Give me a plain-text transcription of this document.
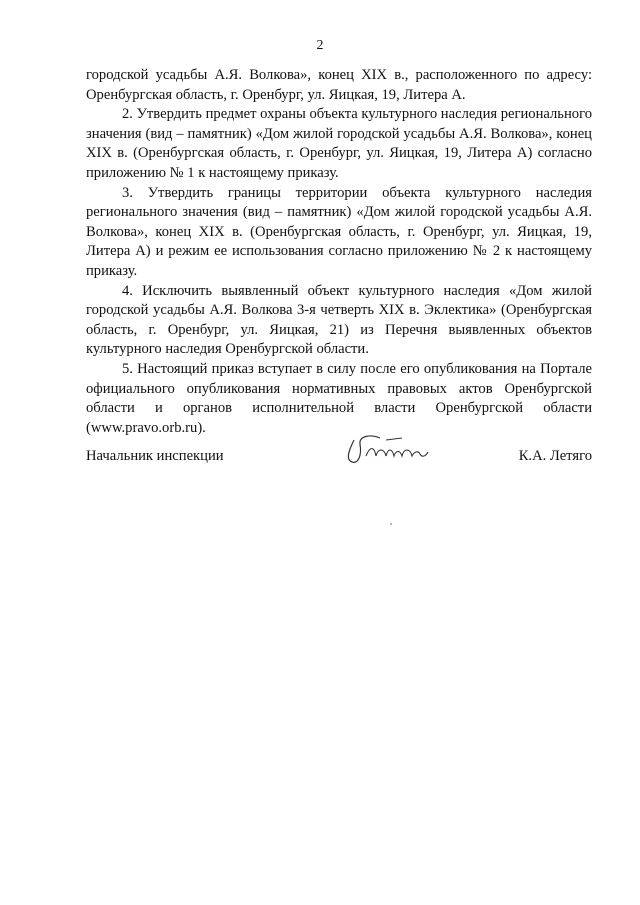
2

городской усадьбы А.Я. Волкова», конец XIX в., расположенного по адресу: Оренбургская область, г. Оренбург, ул. Яицкая, 19, Литера А.

2. Утвердить предмет охраны объекта культурного наследия регионального значения (вид – памятник) «Дом жилой городской усадьбы А.Я. Волкова», конец XIX в. (Оренбургская область, г. Оренбург, ул. Яицкая, 19, Литера А) согласно приложению № 1 к настоящему приказу.

3. Утвердить границы территории объекта культурного наследия регионального значения (вид – памятник) «Дом жилой городской усадьбы А.Я. Волкова», конец XIX в. (Оренбургская область, г. Оренбург, ул. Яицкая, 19, Литера А) и режим ее использования согласно приложению № 2 к настоящему приказу.

4. Исключить выявленный объект культурного наследия «Дом жилой городской усадьбы А.Я. Волкова 3-я четверть XIX в. Эклектика» (Оренбургская область, г. Оренбург, ул. Яицкая, 21) из Перечня выявленных объектов культурного наследия Оренбургской области.

5. Настоящий приказ вступает в силу после его опубликования на Портале официального опубликования нормативных правовых актов Оренбургской области и органов исполнительной власти Оренбургской области (www.pravo.orb.ru).

Начальник инспекции	К.А. Летяго
